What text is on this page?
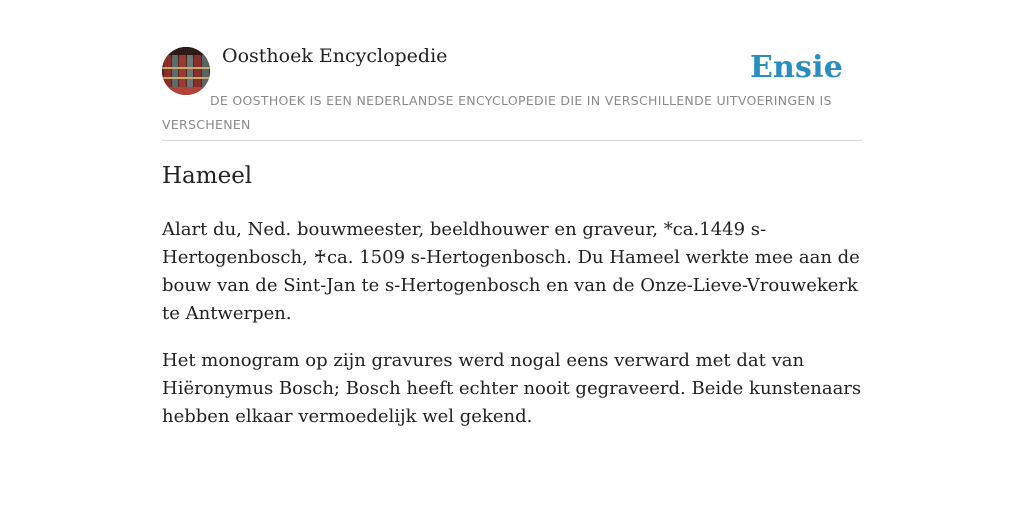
Oosthoek Encyclopedie	Ensie
DE OOSTHOEK IS EEN NEDERLANDSE ENCYCLOPEDIE DIE IN VERSCHILLENDE UITVOERINGEN IS VERSCHENEN
Hameel

Alart du, Ned. bouwmeester, beeldhouwer en graveur, *ca.1449 s-Hertogenbosch, ♰ca. 1509 s-Hertogenbosch. Du Hameel werkte mee aan de bouw van de Sint-Jan te s-Hertogenbosch en van de Onze-Lieve-Vrouwekerk te Antwerpen.

Het monogram op zijn gravures werd nogal eens verward met dat van Hiëronymus Bosch; Bosch heeft echter nooit gegraveerd. Beide kunstenaars hebben elkaar vermoedelijk wel gekend.
